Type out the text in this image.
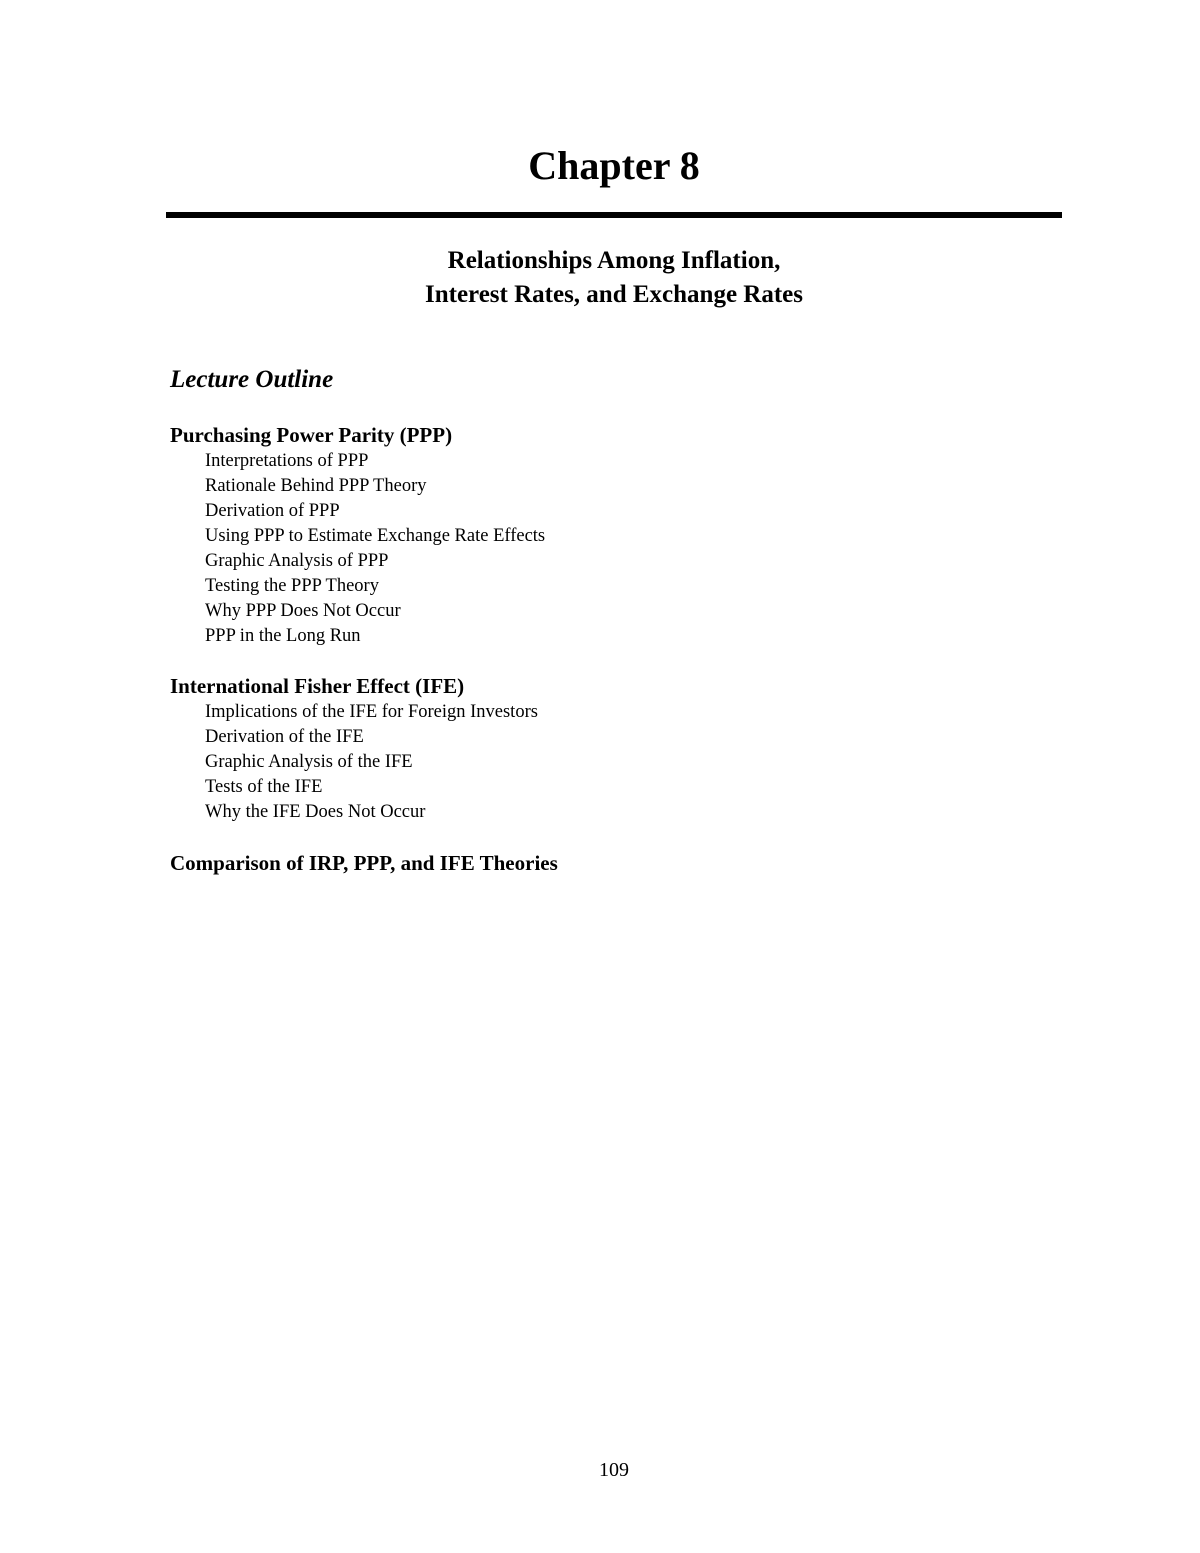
Chapter 8
Relationships Among Inflation,
Interest Rates, and Exchange Rates
Lecture Outline
Purchasing Power Parity (PPP)
Interpretations of PPP
Rationale Behind PPP Theory
Derivation of PPP
Using PPP to Estimate Exchange Rate Effects
Graphic Analysis of PPP
Testing the PPP Theory
Why PPP Does Not Occur
PPP in the Long Run
International Fisher Effect (IFE)
Implications of the IFE for Foreign Investors
Derivation of the IFE
Graphic Analysis of the IFE
Tests of the IFE
Why the IFE Does Not Occur
Comparison of IRP, PPP, and IFE Theories
109
